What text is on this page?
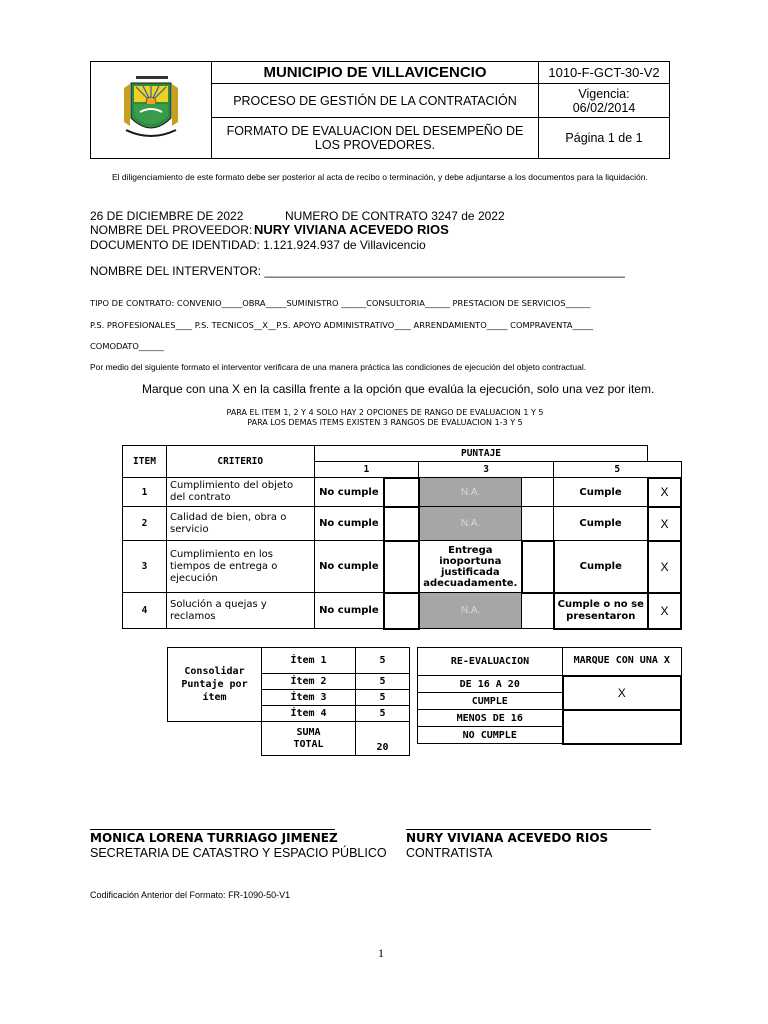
	MUNICIPIO DE VILLAVICENCIO	1010-F-GCT-30-V2
	PROCESO DE GESTIÓN DE LA CONTRATACIÓN	Vigencia:
06/02/2014

	FORMATO DE EVALUACION DEL DESEMPEÑO DE LOS PROVEDORES.	Página 1 de 1
El diligenciamiento de este formato debe ser posterior al acta de recibo o terminación, y debe adjuntarse a los documentos para la liquidación.
26 DE DICIEMBRE DE 2022	NUMERO DE CONTRATO 3247 de 2022
NOMBRE DEL PROVEEDOR: NURY VIVIANA ACEVEDO RIOS
DOCUMENTO DE IDENTIDAD: 1.121.924.937 de Villavicencio
NOMBRE DEL INTERVENTOR: ______________________________________________________
TIPO DE CONTRATO: CONVENIO_____OBRA_____SUMINISTRO ______CONSULTORIA______ PRESTACION DE SERVICIOS______
P.S. PROFESIONALES____ P.S. TECNICOS__X__P.S. APOYO ADMINISTRATIVO____ ARRENDAMIENTO_____ COMPRAVENTA_____
COMODATO______
Por medio del siguiente formato el interventor verificara de una manera práctica las condiciones de ejecución del objeto contractual.
Marque con una X en la casilla frente a la opción que evalúa la ejecución, solo una vez por item.
PARA EL ITEM 1, 2 Y 4 SOLO HAY 2 OPCIONES DE RANGO DE EVALUACION 1 Y 5
PARA LOS DEMAS ITEMS EXISTEN 3 RANGOS DE EVALUACION 1-3 Y 5
ITEM	CRITERIO	PUNTAJE					
		1		3		5	
1	Cumplimiento del objeto del contrato	No cumple		N.A.		Cumple	X
2	Calidad de bien, obra o servicio	No cumple		N.A.		Cumple	X
3	Cumplimiento en los tiempos de entrega o ejecución	No cumple		Entrega inoportuna justificada adecuadamente.		Cumple	X
4	Solución a quejas y reclamos	No cumple		N.A.		Cumple o no se presentaron	X
Consolidar Puntaje por ítem	Ítem 1	5
	Ítem 2	5
	Ítem 3	5
	Ítem 4	5
	SUMA TOTAL	20
RE-EVALUACION	MARQUE CON UNA X
DE 16 A 20	X
CUMPLE	
MENOS DE 16	
NO CUMPLE	
MONICA LORENA TURRIAGO JIMENEZ
SECRETARIA DE CATASTRO Y ESPACIO PÚBLICO
NURY VIVIANA ACEVEDO RIOS
CONTRATISTA
Codificación Anterior del Formato: FR-1090-50-V1
1
